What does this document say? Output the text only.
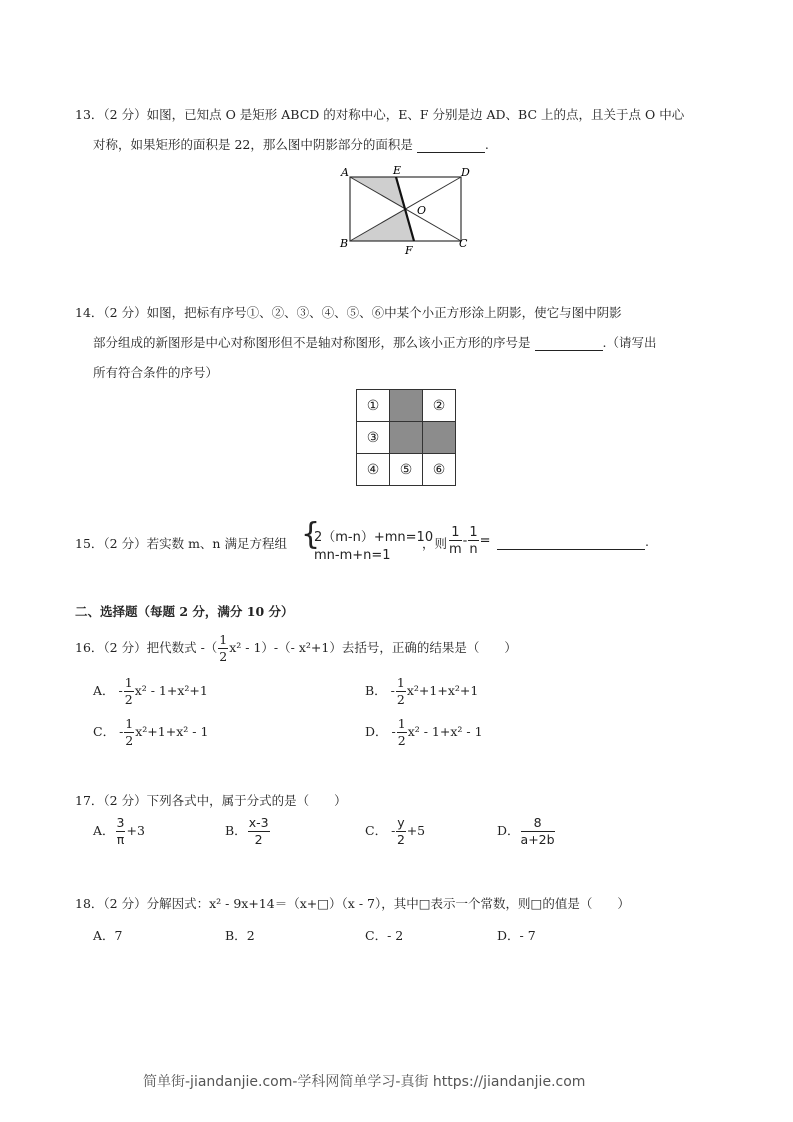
13．（2 分）如图，已知点 O 是矩形 ABCD 的对称中心，E、F 分别是边 AD、BC 上的点，且关于点 O 中心
对称，如果矩形的面积是 22，那么图中阴影部分的面积是	.
A	E	D
O
B
F
C
14．（2 分）如图，把标有序号①、②、③、④、⑤、⑥中某个小正方形涂上阴影，使它与图中阴影
部分组成的新图形是中心对称图形但不是轴对称图形，那么该小正方形的序号是	.（请写出
所有符合条件的序号）
①		②
③		
④	⑤	⑥
15．（2 分）若实数 m、n 满足方程组 {
2（m-n）+mn=10
mn-m+n=1
，则 $\frac{1}{m} - \frac{1}{n}$ =	.
二、选择题（每题 2 分，满分 10 分）
16．（2 分）把代数式 -（ $\frac{1}{2} x^2 - 1)-(-$ x²+1）去括号，正确的结果是（　　）
A． - $\frac{1}{2} x^2 - 1+x^2+1$	B． - $\frac{1}{2} x^2+1+x^2+1$
C． - $\frac{1}{2} x^2+1+x^2 - 1$	D． - $\frac{1}{2} x^2 - 1+x^2 - 1$
17．（2 分）下列各式中，属于分式的是（　　）
A． $\frac{3}{\pi} +3$	B． $\frac{x-3}{2}$	C． - $\frac{y}{2} +5$	D． $\frac{8}{a+2b}$
18．（2 分）分解因式：x² - 9x+14＝（x+□）（x - 7），其中□表示一个常数，则□的值是（　　）
A．7	B．2	C．- 2	D．- 7
简单街-jiandanjie.com-学科网简单学习-真街 https://jiandanjie.com
